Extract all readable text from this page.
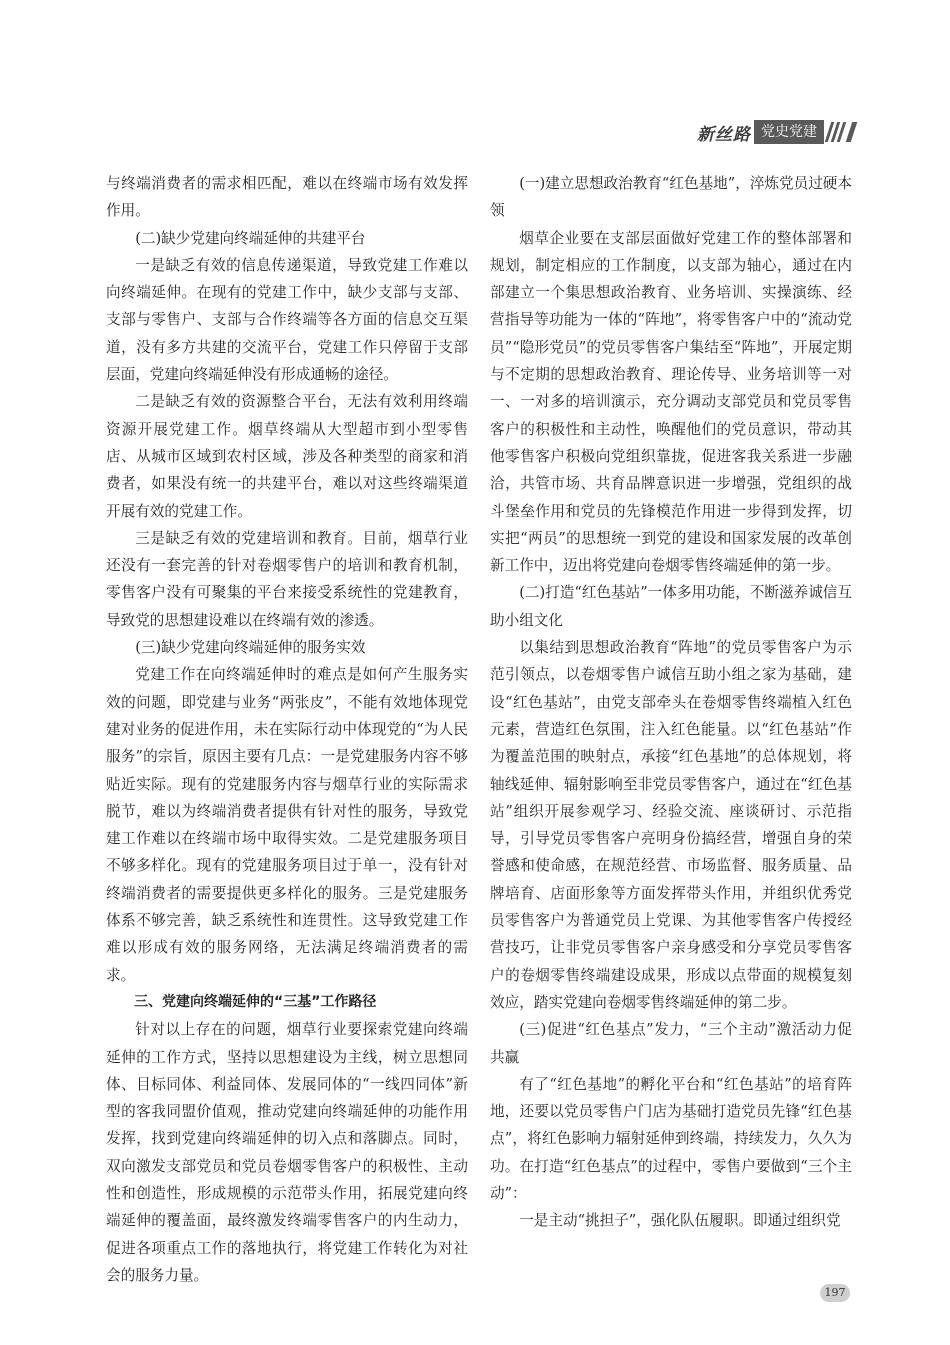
新丝路 党史党建

与终端消费者的需求相匹配，难以在终端市场有效发挥作用。

(二)缺少党建向终端延伸的共建平台

一是缺乏有效的信息传递渠道，导致党建工作难以向终端延伸。在现有的党建工作中，缺少支部与支部、支部与零售户、支部与合作终端等各方面的信息交互渠道，没有多方共建的交流平台，党建工作只停留于支部层面，党建向终端延伸没有形成通畅的途径。

二是缺乏有效的资源整合平台，无法有效利用终端资源开展党建工作。烟草终端从大型超市到小型零售店、从城市区域到农村区域，涉及各种类型的商家和消费者，如果没有统一的共建平台，难以对这些终端渠道开展有效的党建工作。

三是缺乏有效的党建培训和教育。目前，烟草行业还没有一套完善的针对卷烟零售户的培训和教育机制，零售客户没有可聚集的平台来接受系统性的党建教育，导致党的思想建设难以在终端有效的渗透。

(三)缺少党建向终端延伸的服务实效

党建工作在向终端延伸时的难点是如何产生服务实效的问题，即党建与业务“两张皮”，不能有效地体现党建对业务的促进作用，未在实际行动中体现党的“为人民服务”的宗旨，原因主要有几点：一是党建服务内容不够贴近实际。现有的党建服务内容与烟草行业的实际需求脱节，难以为终端消费者提供有针对性的服务，导致党建工作难以在终端市场中取得实效。二是党建服务项目不够多样化。现有的党建服务项目过于单一，没有针对终端消费者的需要提供更多样化的服务。三是党建服务体系不够完善，缺乏系统性和连贯性。这导致党建工作难以形成有效的服务网络，无法满足终端消费者的需求。

三、党建向终端延伸的“三基”工作路径

针对以上存在的问题，烟草行业要探索党建向终端延伸的工作方式，坚持以思想建设为主线，树立思想同体、目标同体、利益同体、发展同体的“一线四同体”新型的客我同盟价值观，推动党建向终端延伸的功能作用发挥，找到党建向终端延伸的切入点和落脚点。同时，双向激发支部党员和党员卷烟零售客户的积极性、主动性和创造性，形成规模的示范带头作用，拓展党建向终端延伸的覆盖面，最终激发终端零售客户的内生动力，促进各项重点工作的落地执行，将党建工作转化为对社会的服务力量。

(一)建立思想政治教育“红色基地”，淬炼党员过硬本领

烟草企业要在支部层面做好党建工作的整体部署和规划，制定相应的工作制度，以支部为轴心，通过在内部建立一个集思想政治教育、业务培训、实操演练、经营指导等功能为一体的“阵地”，将零售客户中的“流动党员”“隐形党员”的党员零售客户集结至“阵地”，开展定期与不定期的思想政治教育、理论传导、业务培训等一对一、一对多的培训演示，充分调动支部党员和党员零售客户的积极性和主动性，唤醒他们的党员意识，带动其他零售客户积极向党组织靠拢，促进客我关系进一步融洽，共管市场、共育品牌意识进一步增强，党组织的战斗堡垒作用和党员的先锋模范作用进一步得到发挥，切实把“两员”的思想统一到党的建设和国家发展的改革创新工作中，迈出将党建向卷烟零售终端延伸的第一步。

(二)打造“红色基站”一体多用功能，不断滋养诚信互助小组文化

以集结到思想政治教育“阵地”的党员零售客户为示范引领点，以卷烟零售户诚信互助小组之家为基础，建设“红色基站”，由党支部牵头在卷烟零售终端植入红色元素，营造红色氛围，注入红色能量。以“红色基站”作为覆盖范围的映射点，承接“红色基地”的总体规划，将轴线延伸、辐射影响至非党员零售客户，通过在“红色基站”组织开展参观学习、经验交流、座谈研讨、示范指导，引导党员零售客户亮明身份搞经营，增强自身的荣誉感和使命感，在规范经营、市场监督、服务质量、品牌培育、店面形象等方面发挥带头作用，并组织优秀党员零售客户为普通党员上党课、为其他零售客户传授经营技巧，让非党员零售客户亲身感受和分享党员零售客户的卷烟零售终端建设成果，形成以点带面的规模复刻效应，踏实党建向卷烟零售终端延伸的第二步。

(三)促进“红色基点”发力，“三个主动”激活动力促共赢

有了“红色基地”的孵化平台和“红色基站”的培育阵地，还要以党员零售户门店为基础打造党员先锋“红色基点”，将红色影响力辐射延伸到终端，持续发力，久久为功。在打造“红色基点”的过程中，零售户要做到“三个主动”：

一是主动“挑担子”，强化队伍履职。即通过组织党

197
